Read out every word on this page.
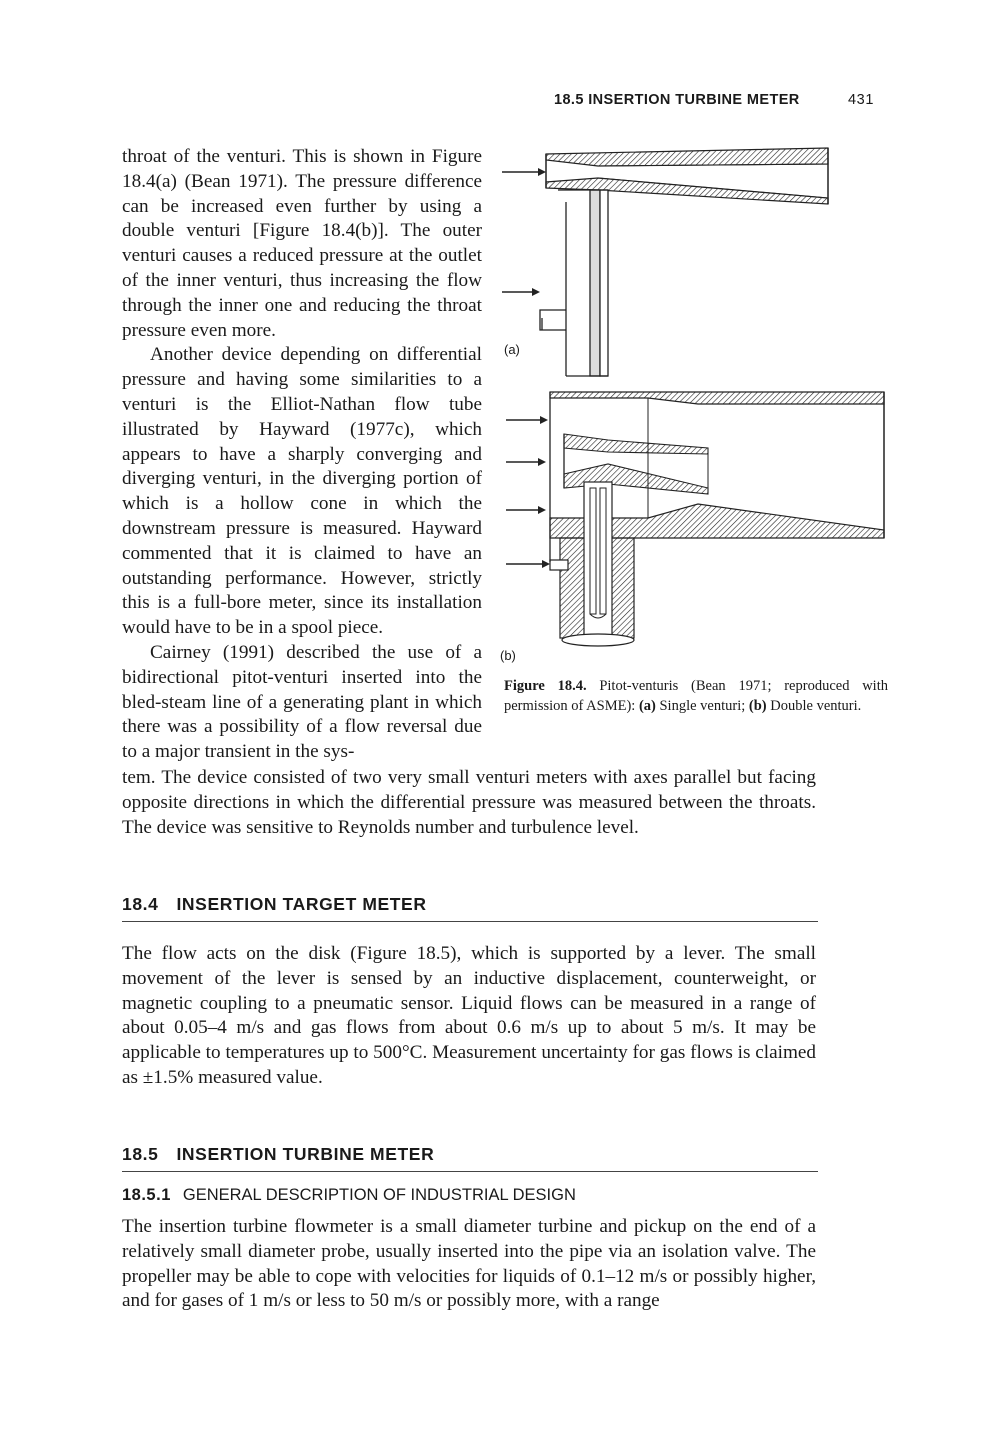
18.5 INSERTION TURBINE METER	431

throat of the venturi. This is shown in Figure 18.4(a) (Bean 1971). The pressure difference can be increased even further by using a double venturi [Figure 18.4(b)]. The outer venturi causes a reduced pressure at the outlet of the inner venturi, thus increasing the flow through the inner one and reducing the throat pressure even more.

Another device depending on differential pressure and having some similarities to a venturi is the Elliot-Nathan flow tube illustrated by Hayward (1977c), which appears to have a sharply converging and diverging venturi, in the diverging portion of which is a hollow cone in which the downstream pressure is measured. Hayward commented that it is claimed to have an outstanding performance. However, strictly this is a full-bore meter, since its installation would have to be in a spool piece.

Cairney (1991) described the use of a bidirectional pitot-venturi inserted into the bled-steam line of a generating plant in which there was a possibility of a flow reversal due to a major transient in the sys-

tem. The device consisted of two very small venturi meters with axes parallel but facing opposite directions in which the differential pressure was measured between the throats. The device was sensitive to Reynolds number and turbulence level.

(a)
(b)

Figure 18.4. Pitot-venturis (Bean 1971; reproduced with permission of ASME): (a) Single venturi; (b) Double venturi.

18.4 INSERTION TARGET METER

The flow acts on the disk (Figure 18.5), which is supported by a lever. The small movement of the lever is sensed by an inductive displacement, counterweight, or magnetic coupling to a pneumatic sensor. Liquid flows can be measured in a range of about 0.05–4 m/s and gas flows from about 0.6 m/s up to about 5 m/s. It may be applicable to temperatures up to 500°C. Measurement uncertainty for gas flows is claimed as ±1.5% measured value.

18.5 INSERTION TURBINE METER
18.5.1 GENERAL DESCRIPTION OF INDUSTRIAL DESIGN

The insertion turbine flowmeter is a small diameter turbine and pickup on the end of a relatively small diameter probe, usually inserted into the pipe via an isolation valve. The propeller may be able to cope with velocities for liquids of 0.1–12 m/s or possibly higher, and for gases of 1 m/s or less to 50 m/s or possibly more, with a range
